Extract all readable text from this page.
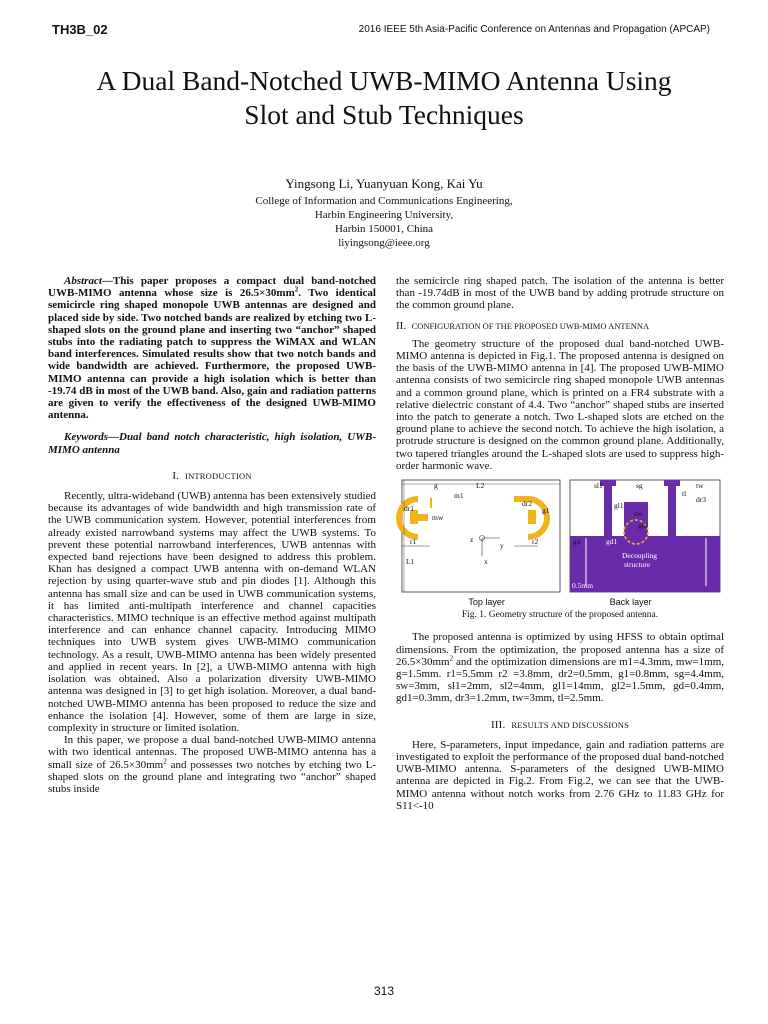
TH3B_02	2016 IEEE 5th Asia-Pacific Conference on Antennas and Propagation (APCAP)
A Dual Band-Notched UWB-MIMO Antenna Using
Slot and Stub Techniques
Yingsong Li, Yuanyuan Kong, Kai Yu
College of Information and Communications Engineering,
Harbin Engineering University,
Harbin 150001, China
liyingsong@ieee.org

Abstract—This paper proposes a compact dual band-notched UWB-MIMO antenna whose size is $26.5\times 30mm^2$. Two identical semicircle ring shaped monopole UWB antennas are designed and placed side by side. Two notched bands are realized by etching two L-shaped slots on the ground plane and inserting two “anchor” shaped stubs into the radiating patch to suppress the WiMAX and WLAN band interferences. Simulated results show that two notch bands and wide bandwidth are achieved. Furthermore, the proposed UWB-MIMO antenna can provide a high isolation which is better than -19.74 dB in most of the UWB band. Also, gain and radiation patterns are given to verify the effectiveness of the designed UWB-MIMO antenna.

Keywords—Dual band notch characteristic, high isolation, UWB-MIMO antenna

I. INTRODUCTION

Recently, ultra-wideband (UWB) antenna has been extensively studied because its advantages of wide bandwidth and high transmission rate of the UWB communication system. However, potential interferences from already existed narrowband systems may affect the UWB systems. To prevent these potential narrowband interferences, UWB antennas with expected band rejections have been designed to address this problem. Khan has designed a compact UWB antenna with on-demand WLAN rejection by using quarter-wave stub and pin diodes [1]. Although this antenna has small size and can be used in UWB communication systems, it has limited anti-multipath interference and channel capacities characteristics. MIMO technique is an effective method against multipath interference and can enhance channel capacity. Introducing MIMO techniques into UWB system gives UWB-MIMO communication technology. As a result, UWB-MIMO antenna has been widely presented and applied in recent years. In [2], a UWB-MIMO antenna with high isolation was obtained. Also a polarization diversity UWB-MIMO antenna was designed in [3] to get high isolation. Moreover, a dual band-notched UWB-MIMO antenna has been proposed to reduce the size and enhance the isolation [4]. However, some of them are large in size, complexity in structure or limited isolation.

In this paper, we propose a dual band-notched UWB-MIMO antenna with two identical antennas. The proposed UWB-MIMO antenna has a small size of $26.5\times 30mm^2$ and possesses two notches by etching two L-shaped slots on the ground plane and integrating two “anchor” shaped stubs inside

the semicircle ring shaped patch. The isolation of the antenna is better than -19.74dB in most of the UWB band by adding protrude structure on the common ground plane.

II. CONFIGURATION OF THE PROPOSED UWB-MIMO ANTENNA

The geometry structure of the proposed dual band-notched UWB-MIMO antenna is depicted in Fig.1. The proposed antenna is designed on the basis of the UWB-MIMO antenna in [4]. The proposed UWB-MIMO antenna consists of two semicircle ring shaped monopole UWB antennas and a common ground plane, which is printed on a FR4 substrate with a relative dielectric constant of 4.4. Two “anchor” shaped stubs are inserted into the patch to generate a notch. Two L-shaped slots are etched on the ground plane to achieve the second notch. To achieve the high isolation, a protrude structure is designed on the common ground plane. Additionally, two tapered triangles around the L-shaped slots are used to suppress high-order harmonic wave.

g	L2
m1
dr1
mw
dr2
g1
r1	r2
z
y
x
L1
sl1	sg	tw
tl
dr3
gl1
sw
gl2
gd	gd1
Decoupling
structure
0.5mm
Top layer	Back layer

Fig. 1. Geometry structure of the proposed antenna.

The proposed antenna is optimized by using HFSS to obtain optimal dimensions. From the optimization, the proposed antenna has a size of $26.5\times 30mm^2$ and the optimization dimensions are m1=4.3mm, mw=1mm, g=1.5mm. r1=5.5mm r2 =3.8mm, dr2=0.5mm, g1=0.8mm, sg=4.4mm, sw=3mm, sl1=2mm, sl2=4mm, gl1=14mm, gl2=1.5mm, gd=0.4mm, gd1=0.3mm, dr3=1.2mm, tw=3mm, tl=2.5mm.

III. RESULTS AND DISCUSSIONS

Here, S-parameters, input impedance, gain and radiation patterns are investigated to exploit the performance of the proposed dual band-notched UWB-MIMO antenna. S-parameters of the designed UWB-MIMO antenna are depicted in Fig.2. From Fig.2, we can see that the UWB-MIMO antenna without notch works from 2.76 GHz to 11.83 GHz for S11<-10

313
